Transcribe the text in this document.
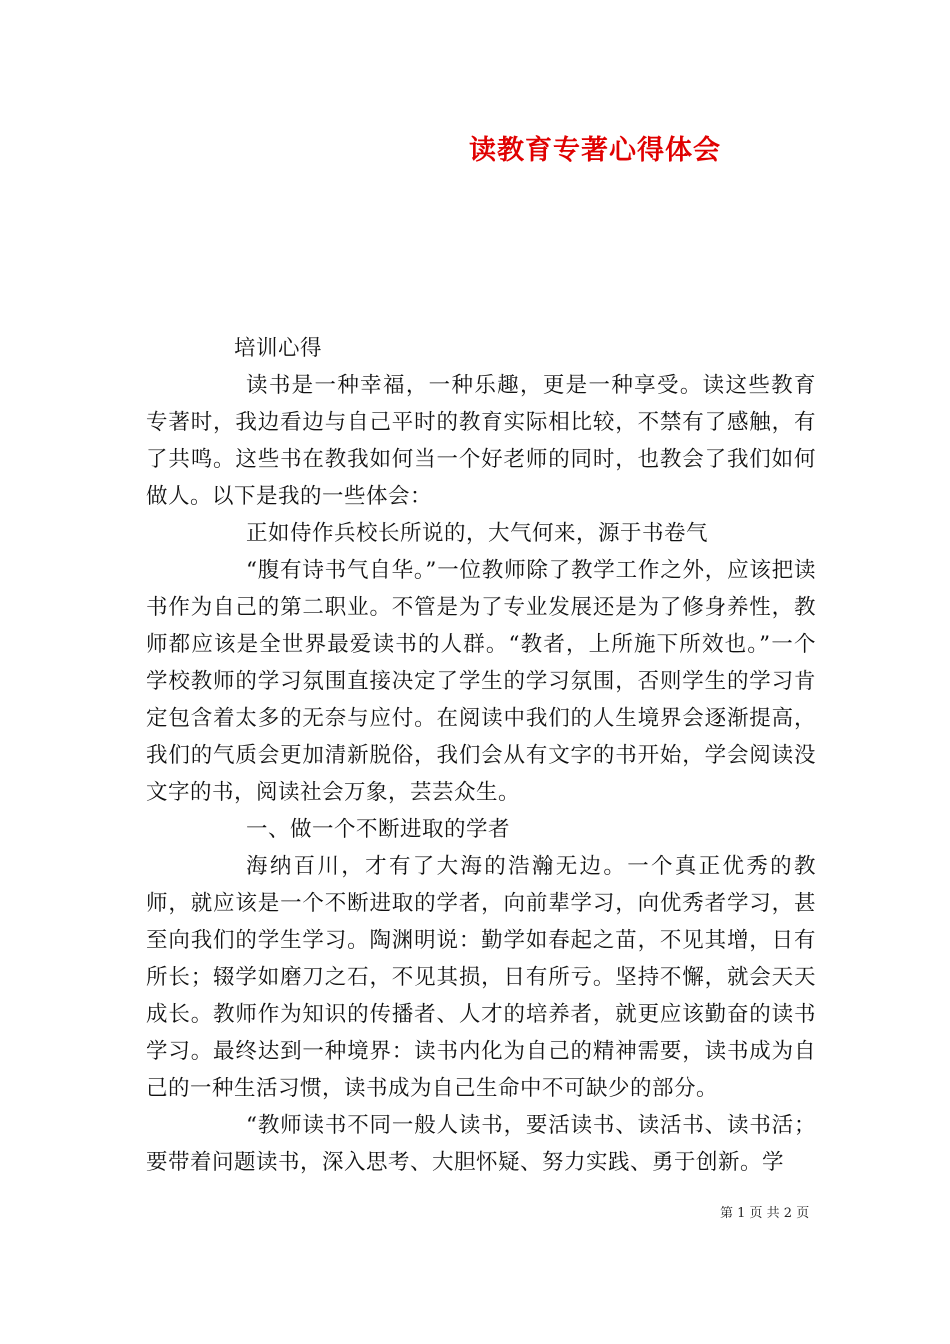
读教育专著心得体会

培训心得

读书是一种幸福，一种乐趣，更是一种享受。读这些教育专著时，我边看边与自己平时的教育实际相比较，不禁有了感触，有了共鸣。这些书在教我如何当一个好老师的同时，也教会了我们如何做人。以下是我的一些体会：

正如侍作兵校长所说的，大气何来，源于书卷气

“腹有诗书气自华。”一位教师除了教学工作之外，应该把读书作为自己的第二职业。不管是为了专业发展还是为了修身养性，教师都应该是全世界最爱读书的人群。“教者，上所施下所效也。”一个学校教师的学习氛围直接决定了学生的学习氛围，否则学生的学习肯定包含着太多的无奈与应付。在阅读中我们的人生境界会逐渐提高，我们的气质会更加清新脱俗，我们会从有文字的书开始，学会阅读没文字的书，阅读社会万象，芸芸众生。

一、做一个不断进取的学者

海纳百川，才有了大海的浩瀚无边。一个真正优秀的教师，就应该是一个不断进取的学者，向前辈学习，向优秀者学习，甚至向我们的学生学习。陶渊明说：勤学如春起之苗，不见其增，日有所长；辍学如磨刀之石，不见其损，日有所亏。坚持不懈，就会天天成长。教师作为知识的传播者、人才的培养者，就更应该勤奋的读书学习。最终达到一种境界：读书内化为自己的精神需要，读书成为自己的一种生活习惯，读书成为自己生命中不可缺少的部分。

“教师读书不同一般人读书，要活读书、读活书、读书活；要带着问题读书，深入思考、大胆怀疑、努力实践、勇于创新。学

第 1 页 共 2 页
